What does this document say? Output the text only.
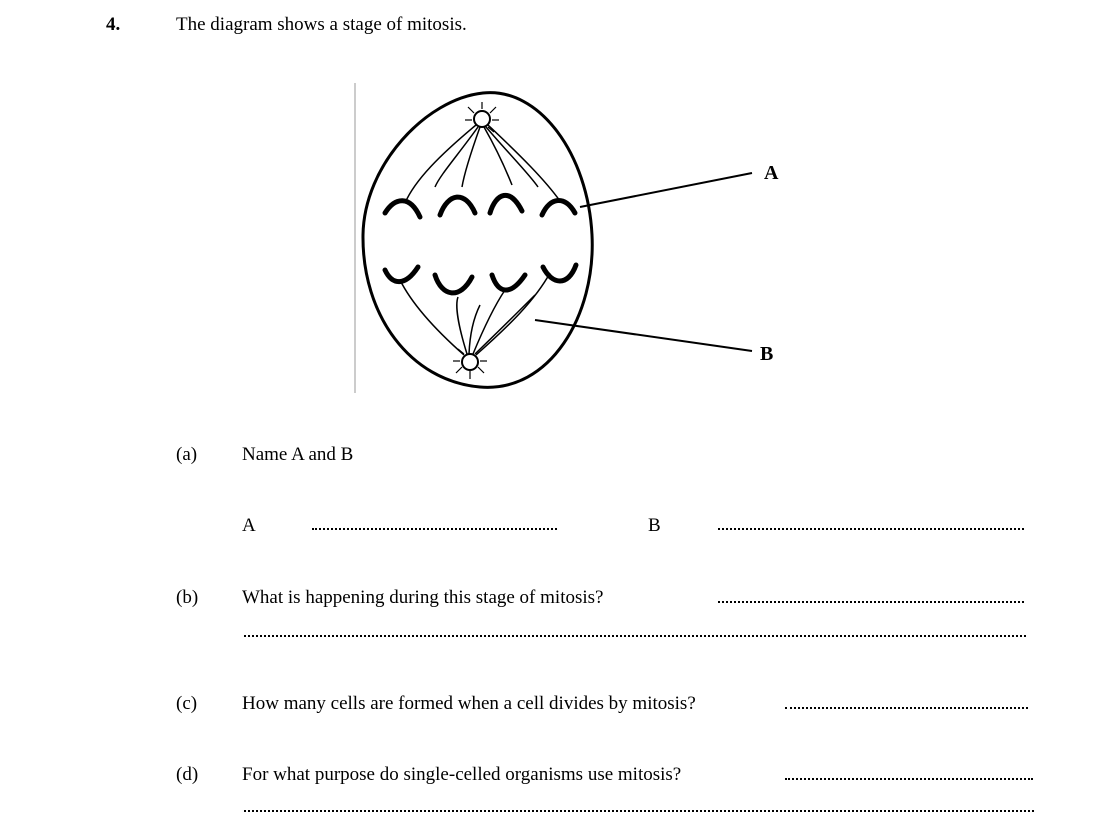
4.	The diagram shows a stage of mitosis.
A
B
(a) Name A and B
A	B
(b) What is happening during this stage of mitosis?
(c) How many cells are formed when a cell divides by mitosis?
(d) For what purpose do single-celled organisms use mitosis?
